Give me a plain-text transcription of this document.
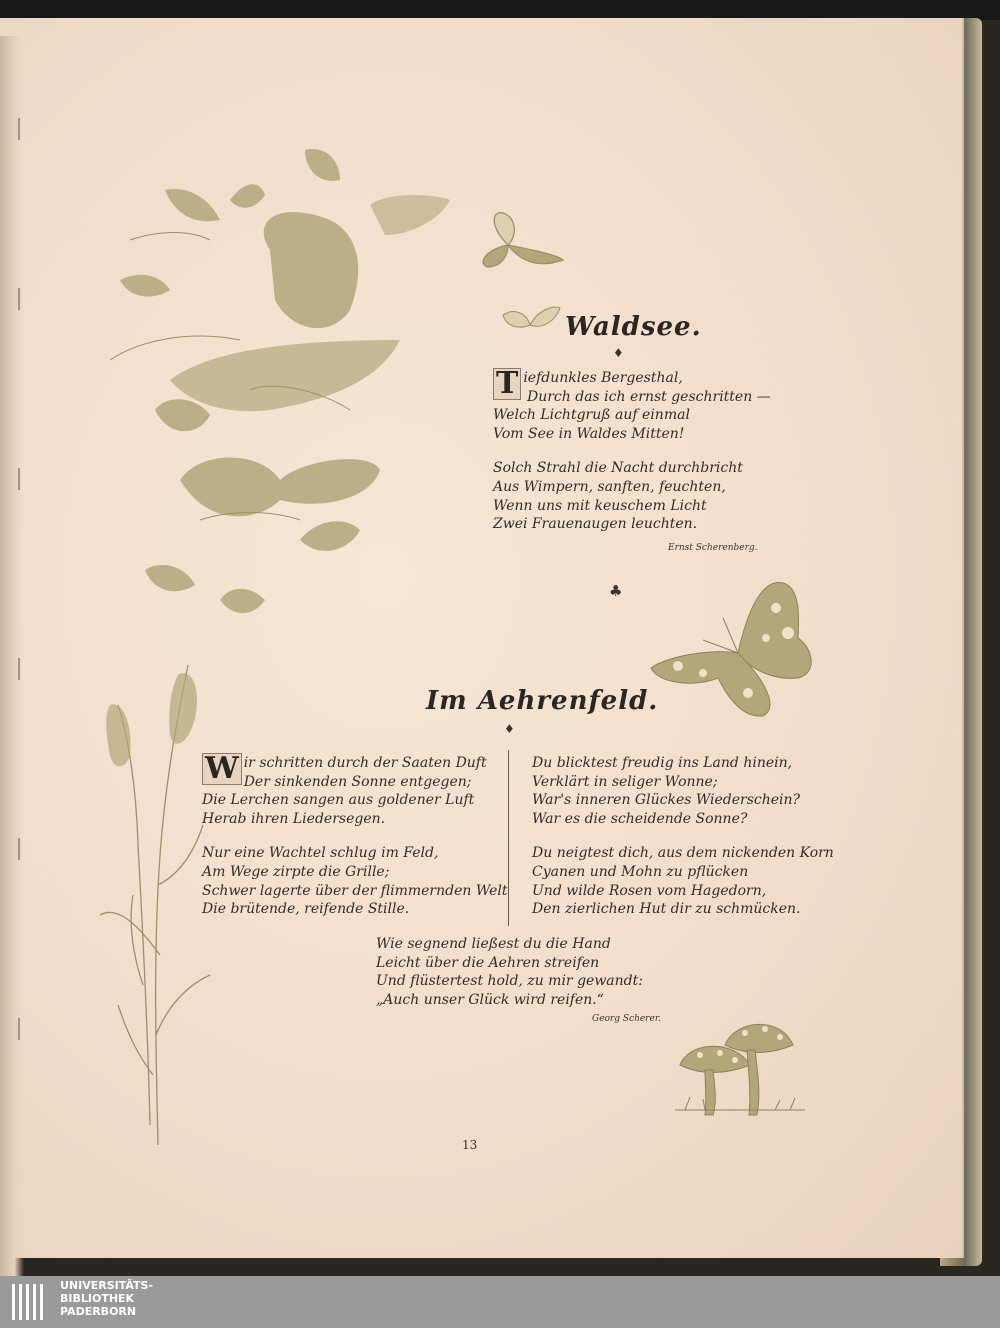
Waldsee.
♦
T iefdunkles Bergesthal,
Durch das ich ernst geschritten —
Welch Lichtgruß auf einmal
Vom See in Waldes Mitten!
Solch Strahl die Nacht durchbricht
Aus Wimpern, sanften, feuchten,
Wenn uns mit keuschem Licht
Zwei Frauenaugen leuchten.
Ernst Scherenberg.
♣
Im Aehrenfeld.
♦
W ir schritten durch der Saaten Duft
Der sinkenden Sonne entgegen;
Die Lerchen sangen aus goldener Luft
Herab ihren Liedersegen.
Nur eine Wachtel schlug im Feld,
Am Wege zirpte die Grille;
Schwer lagerte über der flimmernden Welt
Die brütende, reifende Stille.
Du blicktest freudig ins Land hinein,
Verklärt in seliger Wonne;
War's inneren Glückes Wiederschein?
War es die scheidende Sonne?
Du neigtest dich, aus dem nickenden Korn
Cyanen und Mohn zu pflücken
Und wilde Rosen vom Hagedorn,
Den zierlichen Hut dir zu schmücken.
Wie segnend ließest du die Hand
Leicht über die Aehren streifen
Und flüstertest hold, zu mir gewandt:
„Auch unser Glück wird reifen.“
Georg Scherer.
13
UNIVERSITÄTS-
BIBLIOTHEK
PADERBORN
